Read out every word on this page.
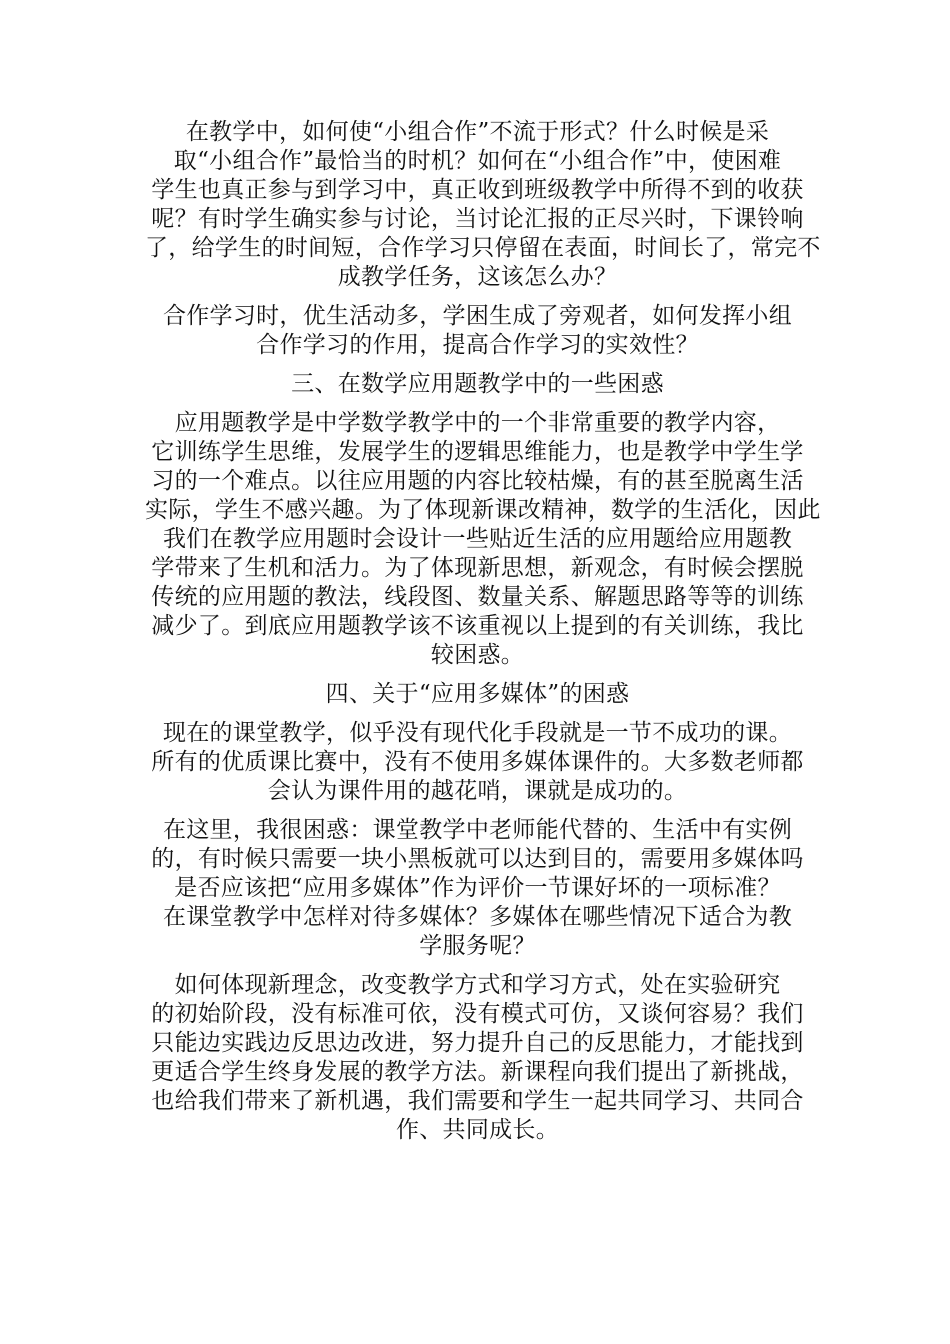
在教学中，如何使“小组合作”不流于形式？什么时候是采
取“小组合作”最恰当的时机？如何在“小组合作”中，使困难
学生也真正参与到学习中，真正收到班级教学中所得不到的收获
呢？有时学生确实参与讨论，当讨论汇报的正尽兴时，下课铃响
了，给学生的时间短，合作学习只停留在表面，时间长了，常完不
成教学任务，这该怎么办？
合作学习时，优生活动多，学困生成了旁观者，如何发挥小组
合作学习的作用，提高合作学习的实效性？
三、在数学应用题教学中的一些困惑
应用题教学是中学数学教学中的一个非常重要的教学内容，
它训练学生思维，发展学生的逻辑思维能力，也是教学中学生学
习的一个难点。以往应用题的内容比较枯燥，有的甚至脱离生活
实际，学生不感兴趣。为了体现新课改精神，数学的生活化，因此
我们在教学应用题时会设计一些贴近生活的应用题给应用题教
学带来了生机和活力。为了体现新思想，新观念，有时候会摆脱
传统的应用题的教法，线段图、数量关系、解题思路等等的训练
减少了。到底应用题教学该不该重视以上提到的有关训练，我比
较困惑。
四、关于“应用多媒体”的困惑
现在的课堂教学，似乎没有现代化手段就是一节不成功的课。
所有的优质课比赛中，没有不使用多媒体课件的。大多数老师都
会认为课件用的越花哨，课就是成功的。
在这里，我很困惑：课堂教学中老师能代替的、生活中有实例
的，有时候只需要一块小黑板就可以达到目的，需要用多媒体吗
是否应该把“应用多媒体”作为评价一节课好坏的一项标准？
在课堂教学中怎样对待多媒体？多媒体在哪些情况下适合为教
学服务呢？
如何体现新理念，改变教学方式和学习方式，处在实验研究
的初始阶段，没有标准可依，没有模式可仿，又谈何容易？我们
只能边实践边反思边改进，努力提升自己的反思能力，才能找到
更适合学生终身发展的教学方法。新课程向我们提出了新挑战，
也给我们带来了新机遇，我们需要和学生一起共同学习、共同合
作、共同成长。
